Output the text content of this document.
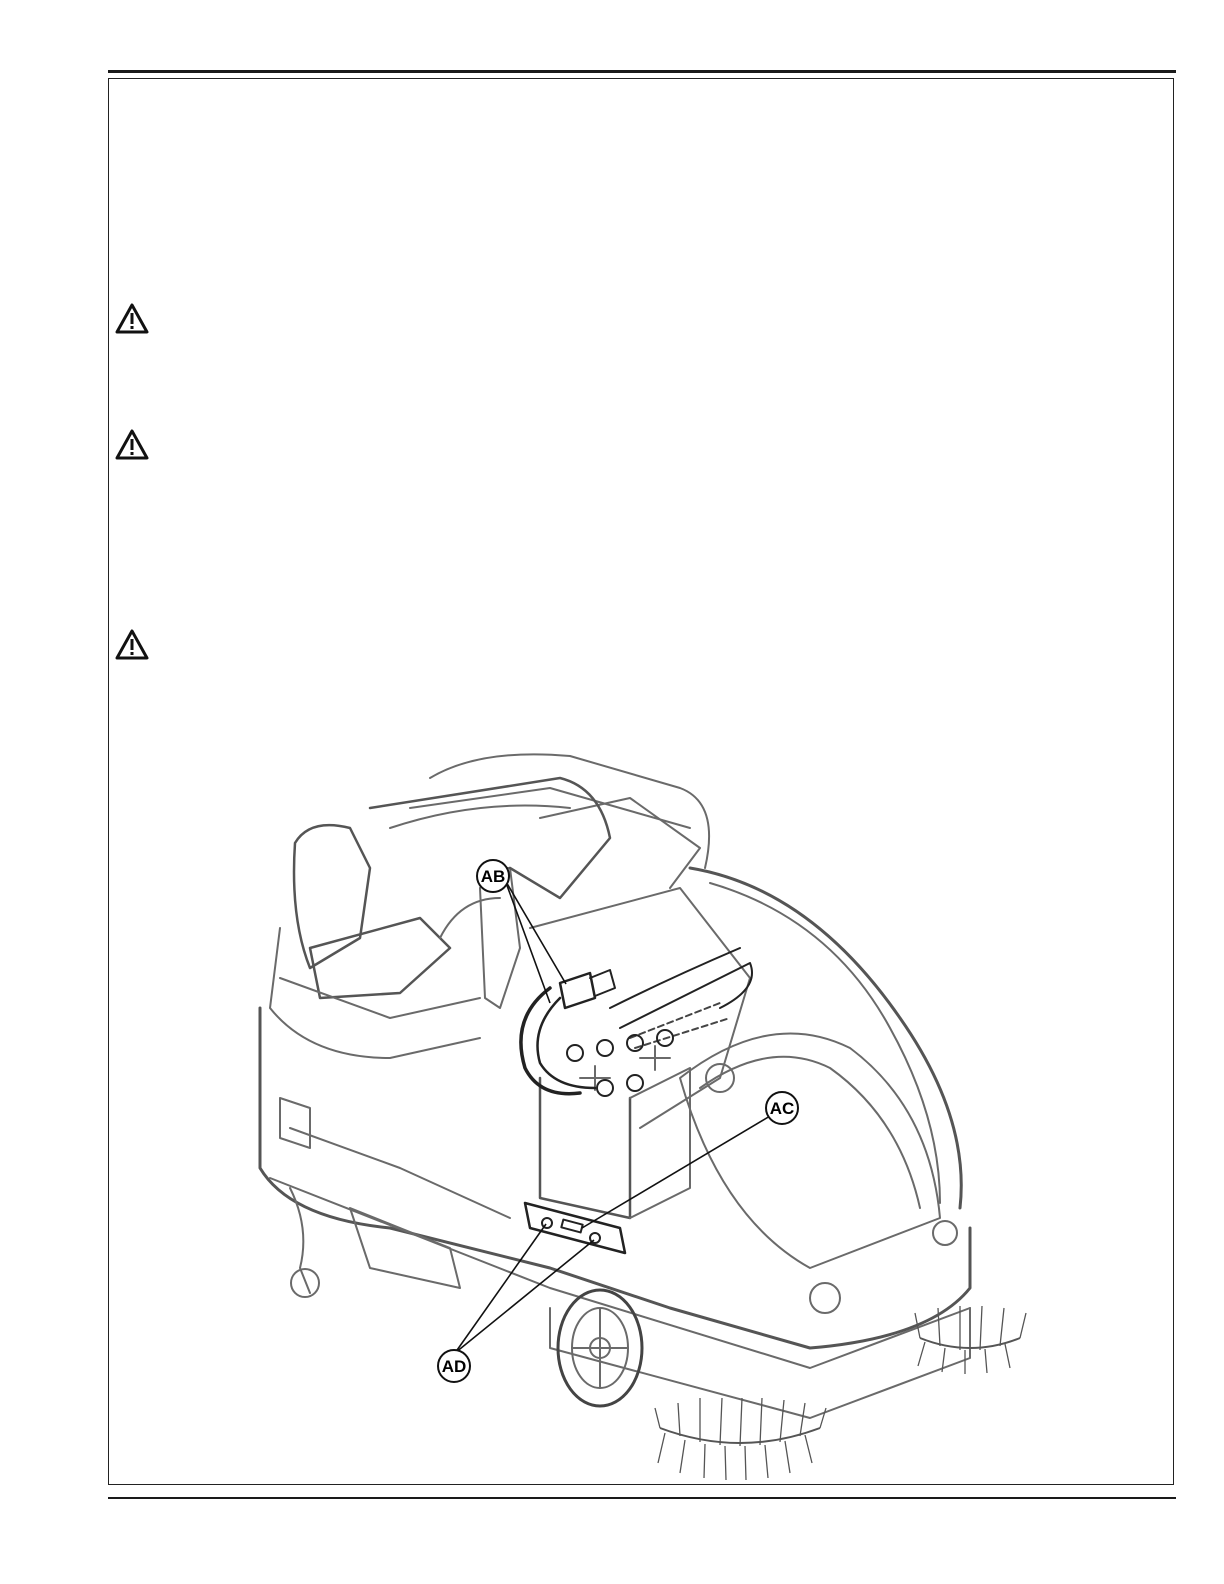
AB
AC
AD
